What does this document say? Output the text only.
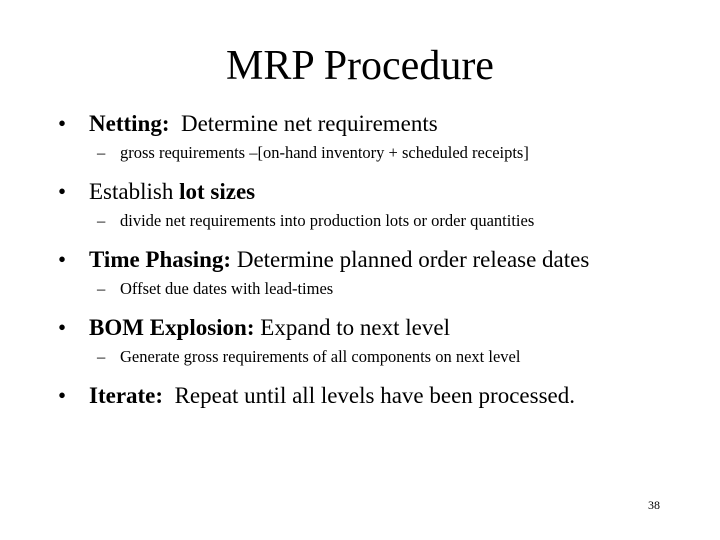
MRP Procedure
• Netting:  Determine net requirements
– gross requirements –[on-hand inventory + scheduled receipts]
• Establish lot sizes
– divide net requirements into production lots or order quantities
• Time Phasing: Determine planned order release dates
– Offset due dates with lead-times
• BOM Explosion: Expand to next level
– Generate gross requirements of all components on next level
• Iterate:  Repeat until all levels have been processed.
38
